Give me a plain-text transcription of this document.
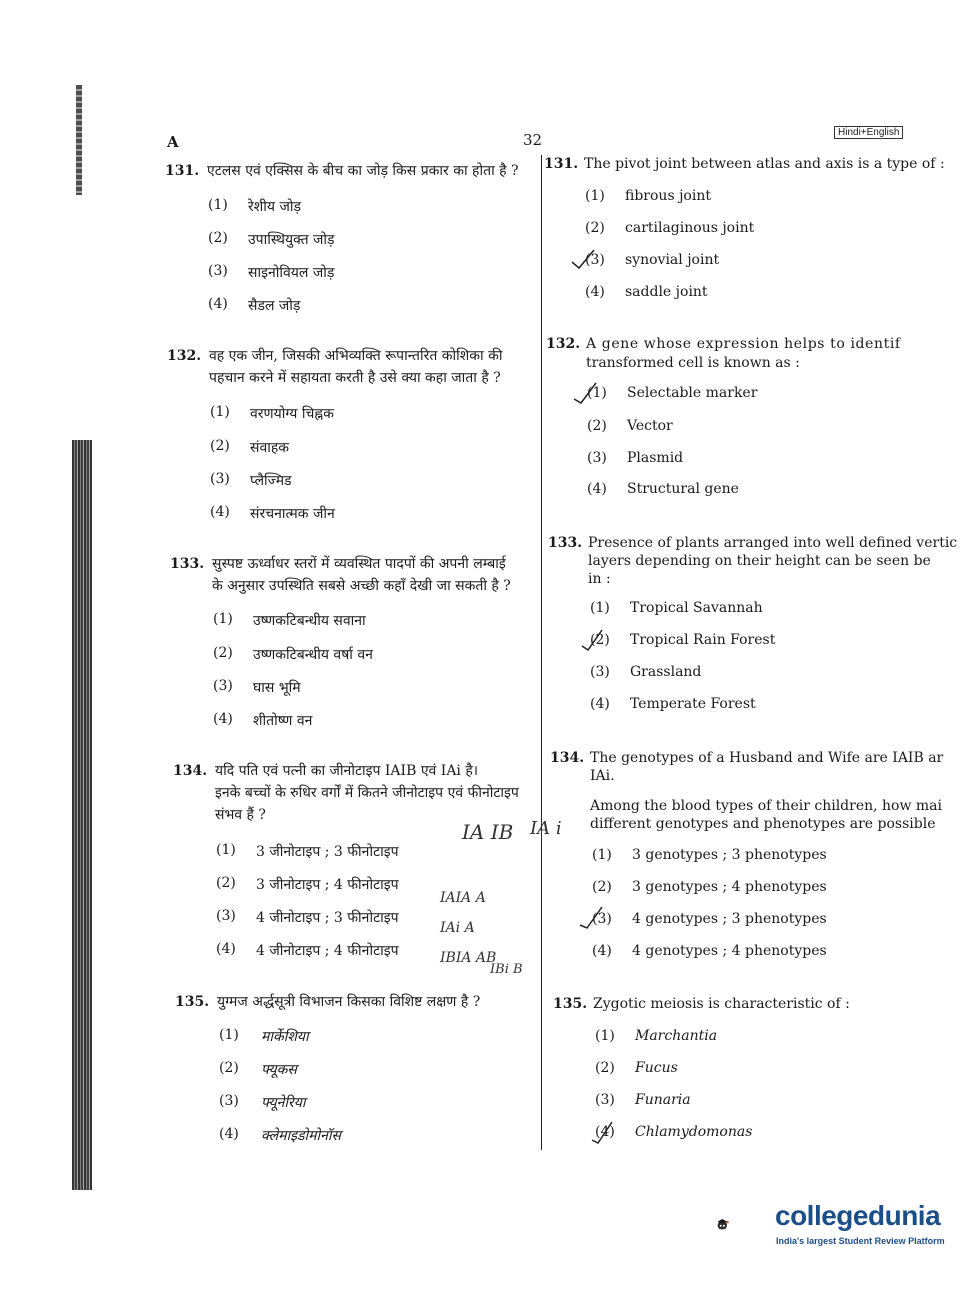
A	32	Hindi+English
131. एटलस एवं एक्सिस के बीच का जोड़ किस प्रकार का होता है ?
(1) रेशीय जोड़
(2) उपास्थियुक्त जोड़
(3) साइनोवियल जोड़
(4) सैडल जोड़
132. वह एक जीन, जिसकी अभिव्यक्ति रूपान्तरित कोशिका की
पहचान करने में सहायता करती है उसे क्या कहा जाता है ?
(1) वरणयोग्य चिह्नक
(2) संवाहक
(3) प्लैज्मिड
(4) संरचनात्मक जीन
133. सुस्पष्ट ऊर्ध्वाधर स्तरों में व्यवस्थित पादपों की अपनी लम्बाई
के अनुसार उपस्थिति सबसे अच्छी कहाँ देखी जा सकती है ?
(1) उष्णकटिबन्धीय सवाना
(2) उष्णकटिबन्धीय वर्षा वन
(3) घास भूमि
(4) शीतोष्ण वन
134. यदि पति एवं पत्नी का जीनोटाइप IAIB एवं IAi है।
इनके बच्चों के रुधिर वर्गों में कितने जीनोटाइप एवं फीनोटाइप
संभव हैं ?
(1) 3 जीनोटाइप ; 3 फीनोटाइप
(2) 3 जीनोटाइप ; 4 फीनोटाइप
(3) 4 जीनोटाइप ; 3 फीनोटाइप
(4) 4 जीनोटाइप ; 4 फीनोटाइप
135. युग्मज अर्द्धसूत्री विभाजन किसका विशिष्ट लक्षण है ?
(1) मार्केशिया
(2) फ्यूकस
(3) फ्यूनेरिया
(4) क्लेमाइडोमोनॉस
IA IB IA i
IAIA A
IAi A
IBIA AB
IBi B
131. The pivot joint between atlas and axis is a type of :
(1) fibrous joint
(2) cartilaginous joint
(3) synovial joint
(4) saddle joint
132. A gene whose expression helps to identif
transformed cell is known as :
(1) Selectable marker
(2) Vector
(3) Plasmid
(4) Structural gene
133. Presence of plants arranged into well defined vertic
layers depending on their height can be seen be
in :
(1) Tropical Savannah
(2) Tropical Rain Forest
(3) Grassland
(4) Temperate Forest
134. The genotypes of a Husband and Wife are IAIB ar
IAi.
Among the blood types of their children, how mai
different genotypes and phenotypes are possible
(1) 3 genotypes ; 3 phenotypes
(2) 3 genotypes ; 4 phenotypes
(3) 4 genotypes ; 3 phenotypes
(4) 4 genotypes ; 4 phenotypes
135. Zygotic meiosis is characteristic of :
(1) Marchantia
(2) Fucus
(3) Funaria
(4) Chlamydomonas
collegedunia
India's largest Student Review Platform
